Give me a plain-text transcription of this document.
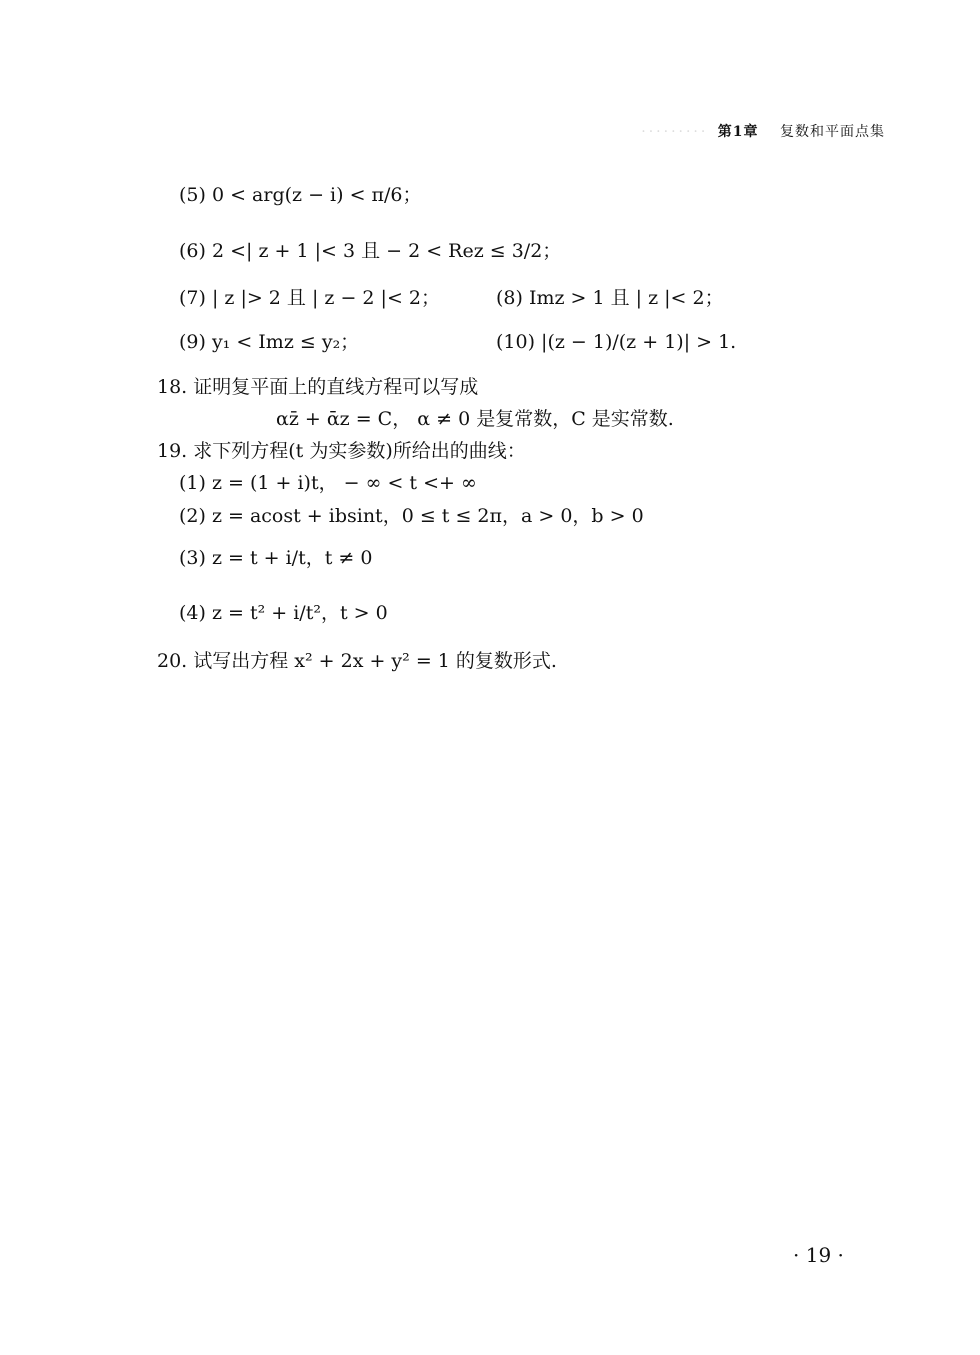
········· 第1章 复数和平面点集
(5) 0 < arg(z − i) < π/6；
(6) 2 <| z + 1 |< 3 且 − 2 < Rez ≤ 3/2；
(7) | z |> 2 且 | z − 2 |< 2；	(8) Imz > 1 且 | z |< 2；
(9) y₁ < Imz ≤ y₂；	(10) |(z − 1)/(z + 1)| > 1.
18. 证明复平面上的直线方程可以写成
αz̄ + ᾱz = C， α ≠ 0 是复常数，C 是实常数.
19. 求下列方程(t 为实参数)所给出的曲线：
(1) z = (1 + i)t， − ∞ < t <+ ∞
(2) z = acost + ibsint，0 ≤ t ≤ 2π，a > 0，b > 0
(3) z = t + i/t，t ≠ 0
(4) z = t² + i/t²，t > 0
20. 试写出方程 x² + 2x + y² = 1 的复数形式.
· 19 ·
